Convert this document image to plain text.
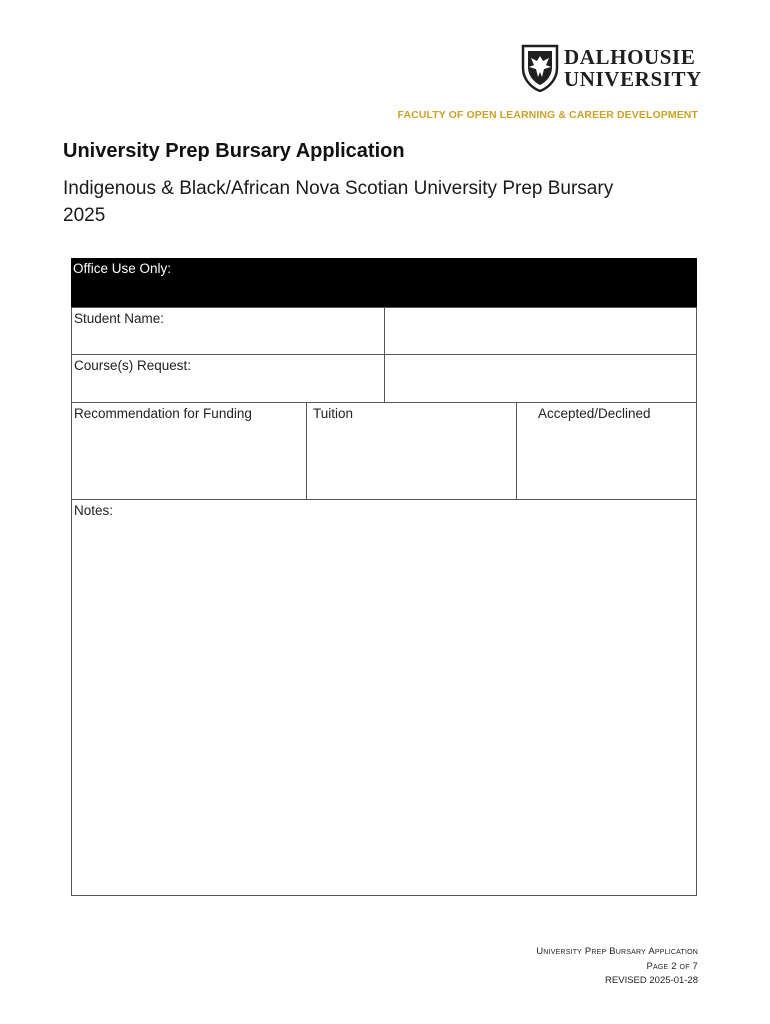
DALHOUSIE
UNIVERSITY
FACULTY OF OPEN LEARNING & CAREER DEVELOPMENT
University Prep Bursary Application
Indigenous & Black/African Nova Scotian University Prep Bursary
2025
Office Use Only:
Student Name:
Course(s) Request:
Recommendation for Funding	Tuition	Accepted/Declined
Notes:
University Prep Bursary Application
Page 2 of 7
REVISED 2025-01-28
